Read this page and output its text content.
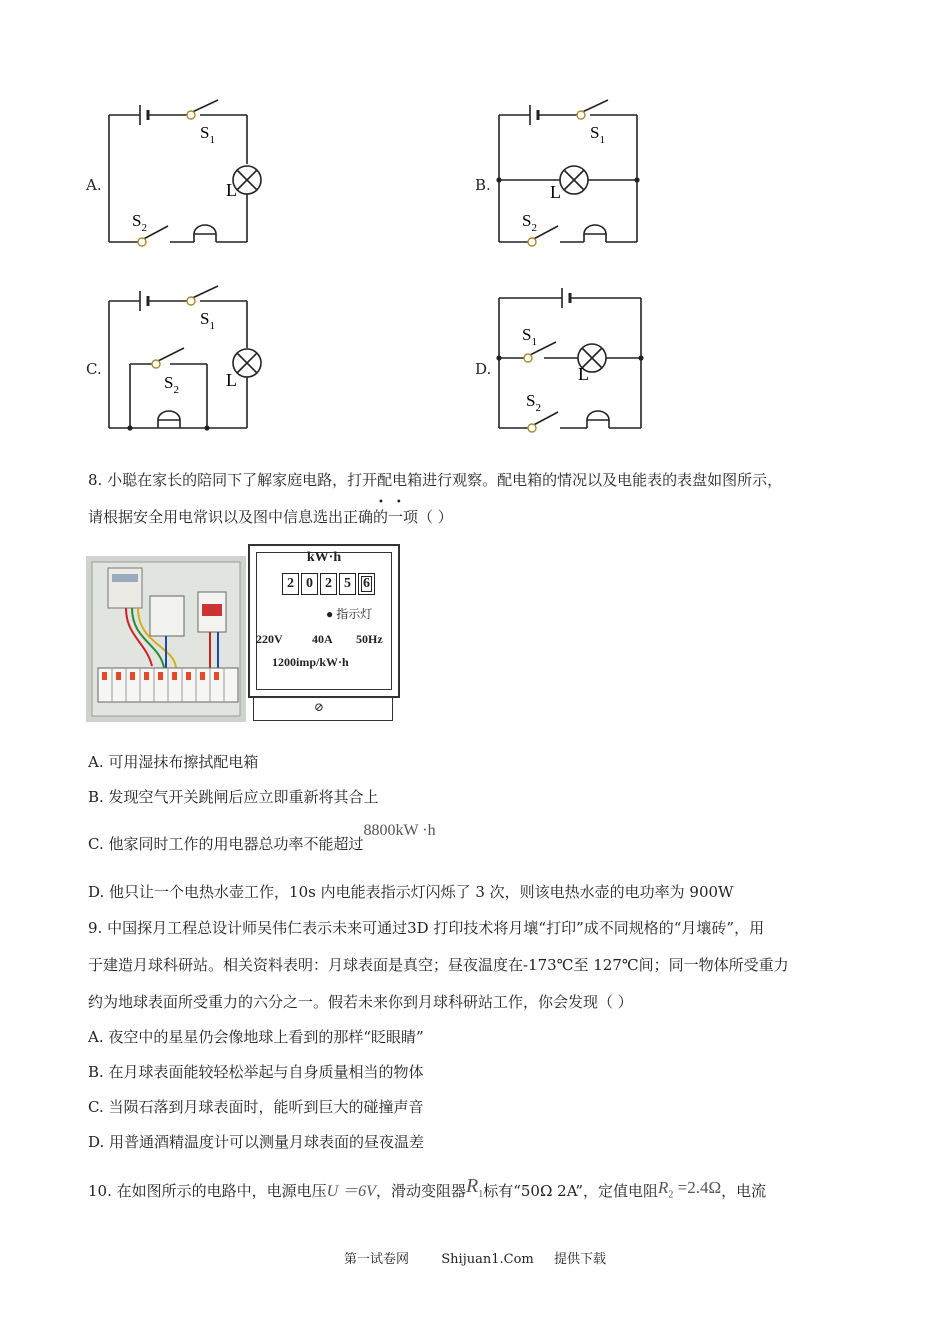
A.
$S_1$
L
$S_2$
B.
$S_1$
L
$S_2$
C.
$S_1$
L
$S_2$
D.
$S_1$
L
$S_2$
8. 小聪在家长的陪同下了解家庭电路，打开配电箱进行观察。配电箱的情况以及电能表的表盘如图所示，
请根据安全用电常识以及图中信息选出正确的一项（ ）
••
kW·h
2 0 2 5 6
● 指示灯
220V 40A 50Hz
1200imp/kW·h
⊘
A. 可用湿抹布擦拭配电箱
B. 发现空气开关跳闸后应立即重新将其合上
C. 他家同时工作的用电器总功率不能超过8800kW ·h
D. 他只让一个电热水壶工作，10s 内电能表指示灯闪烁了 3 次，则该电热水壶的电功率为 900W
9. 中国探月工程总设计师吴伟仁表示未来可通过3D 打印技术将月壤“打印”成不同规格的“月壤砖”，用
于建造月球科研站。相关资料表明：月球表面是真空；昼夜温度在-173℃至 127℃间；同一物体所受重力
约为地球表面所受重力的六分之一。假若未来你到月球科研站工作，你会发现（ ）
A. 夜空中的星星仍会像地球上看到的那样“眨眼睛”
B. 在月球表面能较轻松举起与自身质量相当的物体
C. 当陨石落到月球表面时，能听到巨大的碰撞声音
D. 用普通酒精温度计可以测量月球表面的昼夜温差
10. 在如图所示的电路中，电源电压U ＝6V，滑动变阻器$R_1$标有“50Ω 2A”，定值电阻$R_2 =2.4\Omega$，电流
第一试卷网 Shijuan1.Com 提供下载
